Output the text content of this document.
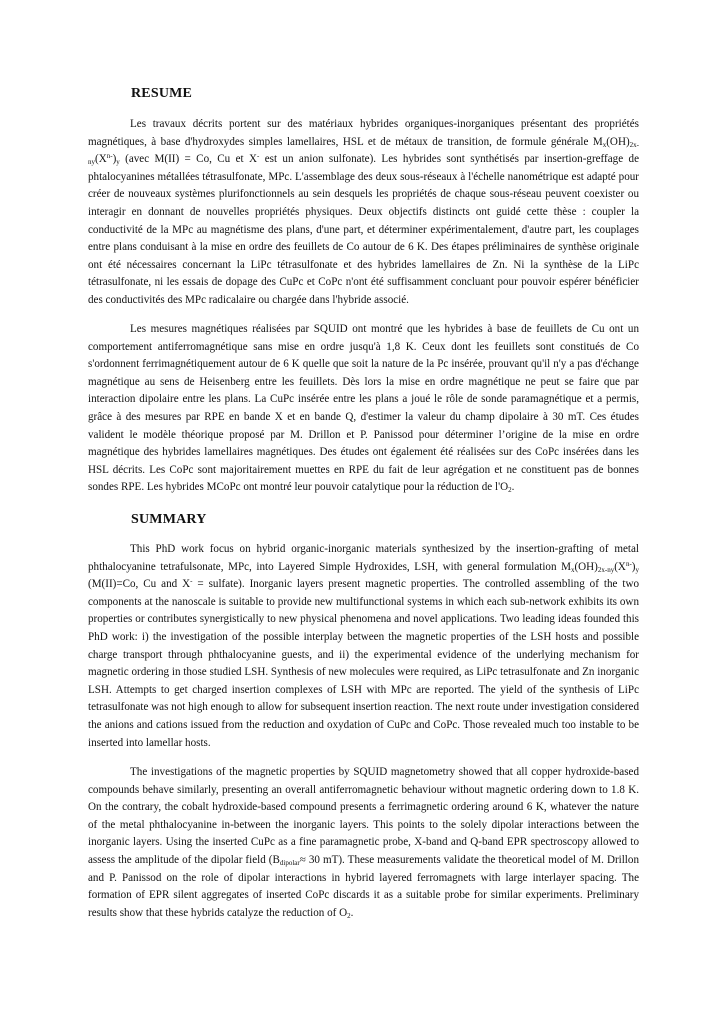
RESUME

Les travaux décrits portent sur des matériaux hybrides organiques-inorganiques présentant des propriétés magnétiques, à base d'hydroxydes simples lamellaires, HSL et de métaux de transition, de formule générale $M_x(OH)_{2x-ny}(X^{n-})_y$ (avec M(II) = Co, Cu et X- est un anion sulfonate). Les hybrides sont synthétisés par insertion-greffage de phtalocyanines métallées tétrasulfonate, MPc. L'assemblage des deux sous-réseaux à l'échelle nanométrique est adapté pour créer de nouveaux systèmes plurifonctionnels au sein desquels les propriétés de chaque sous-réseau peuvent coexister ou interagir en donnant de nouvelles propriétés physiques. Deux objectifs distincts ont guidé cette thèse : coupler la conductivité de la MPc au magnétisme des plans, d'une part, et déterminer expérimentalement, d'autre part, les couplages entre plans conduisant à la mise en ordre des feuillets de Co autour de 6 K. Des étapes préliminaires de synthèse originale ont été nécessaires concernant la LiPc tétrasulfonate et des hybrides lamellaires de Zn. Ni la synthèse de la LiPc tétrasulfonate, ni les essais de dopage des CuPc et CoPc n'ont été suffisamment concluant pour pouvoir espérer bénéficier des conductivités des MPc radicalaire ou chargée dans l'hybride associé.

Les mesures magnétiques réalisées par SQUID ont montré que les hybrides à base de feuillets de Cu ont un comportement antiferromagnétique sans mise en ordre jusqu'à 1,8 K. Ceux dont les feuillets sont constitués de Co s'ordonnent ferrimagnétiquement autour de 6 K quelle que soit la nature de la Pc insérée, prouvant qu'il n'y a pas d'échange magnétique au sens de Heisenberg entre les feuillets. Dès lors la mise en ordre magnétique ne peut se faire que par interaction dipolaire entre les plans. La CuPc insérée entre les plans a joué le rôle de sonde paramagnétique et a permis, grâce à des mesures par RPE en bande X et en bande Q, d'estimer la valeur du champ dipolaire à 30 mT. Ces études valident le modèle théorique proposé par M. Drillon et P. Panissod pour déterminer l’origine de la mise en ordre magnétique des hybrides lamellaires magnétiques. Des études ont également été réalisées sur des CoPc insérées dans les HSL décrits. Les CoPc sont majoritairement muettes en RPE du fait de leur agrégation et ne constituent pas de bonnes sondes RPE. Les hybrides MCoPc ont montré leur pouvoir catalytique pour la réduction de $l'O_2$.

SUMMARY

This PhD work focus on hybrid organic-inorganic materials synthesized by the insertion-grafting of metal phthalocyanine tetrafulsonate, MPc, into Layered Simple Hydroxides, LSH, with general formulation $M_x(OH)_{2x-ny}(X^{n-})_y$ (M(II)=Co, Cu and X- = sulfate). Inorganic layers present magnetic properties. The controlled assembling of the two components at the nanoscale is suitable to provide new multifunctional systems in which each sub-network exhibits its own properties or contributes synergistically to new physical phenomena and novel applications. Two leading ideas founded this PhD work: i) the investigation of the possible interplay between the magnetic properties of the LSH hosts and possible charge transport through phthalocyanine guests, and ii) the experimental evidence of the underlying mechanism for magnetic ordering in those studied LSH. Synthesis of new molecules were required, as LiPc tetrasulfonate and Zn inorganic LSH. Attempts to get charged insertion complexes of LSH with MPc are reported. The yield of the synthesis of LiPc tetrasulfonate was not high enough to allow for subsequent insertion reaction. The next route under investigation considered the anions and cations issued from the reduction and oxydation of CuPc and CoPc. Those revealed much too instable to be inserted into lamellar hosts.

The investigations of the magnetic properties by SQUID magnetometry showed that all copper hydroxide-based compounds behave similarly, presenting an overall antiferromagnetic behaviour without magnetic ordering down to 1.8 K. On the contrary, the cobalt hydroxide-based compound presents a ferrimagnetic ordering around 6 K, whatever the nature of the metal phthalocyanine in-between the inorganic layers. This points to the solely dipolar interactions between the inorganic layers. Using the inserted CuPc as a fine paramagnetic probe, X-band and Q-band EPR spectroscopy allowed to assess the amplitude of the dipolar field ($B_{dipolar}\approx 30$ mT). These measurements validate the theoretical model of M. Drillon and P. Panissod on the role of dipolar interactions in hybrid layered ferromagnets with large interlayer spacing. The formation of EPR silent aggregates of inserted CoPc discards it as a suitable probe for similar experiments. Preliminary results show that these hybrids catalyze the reduction of $O_2$.
